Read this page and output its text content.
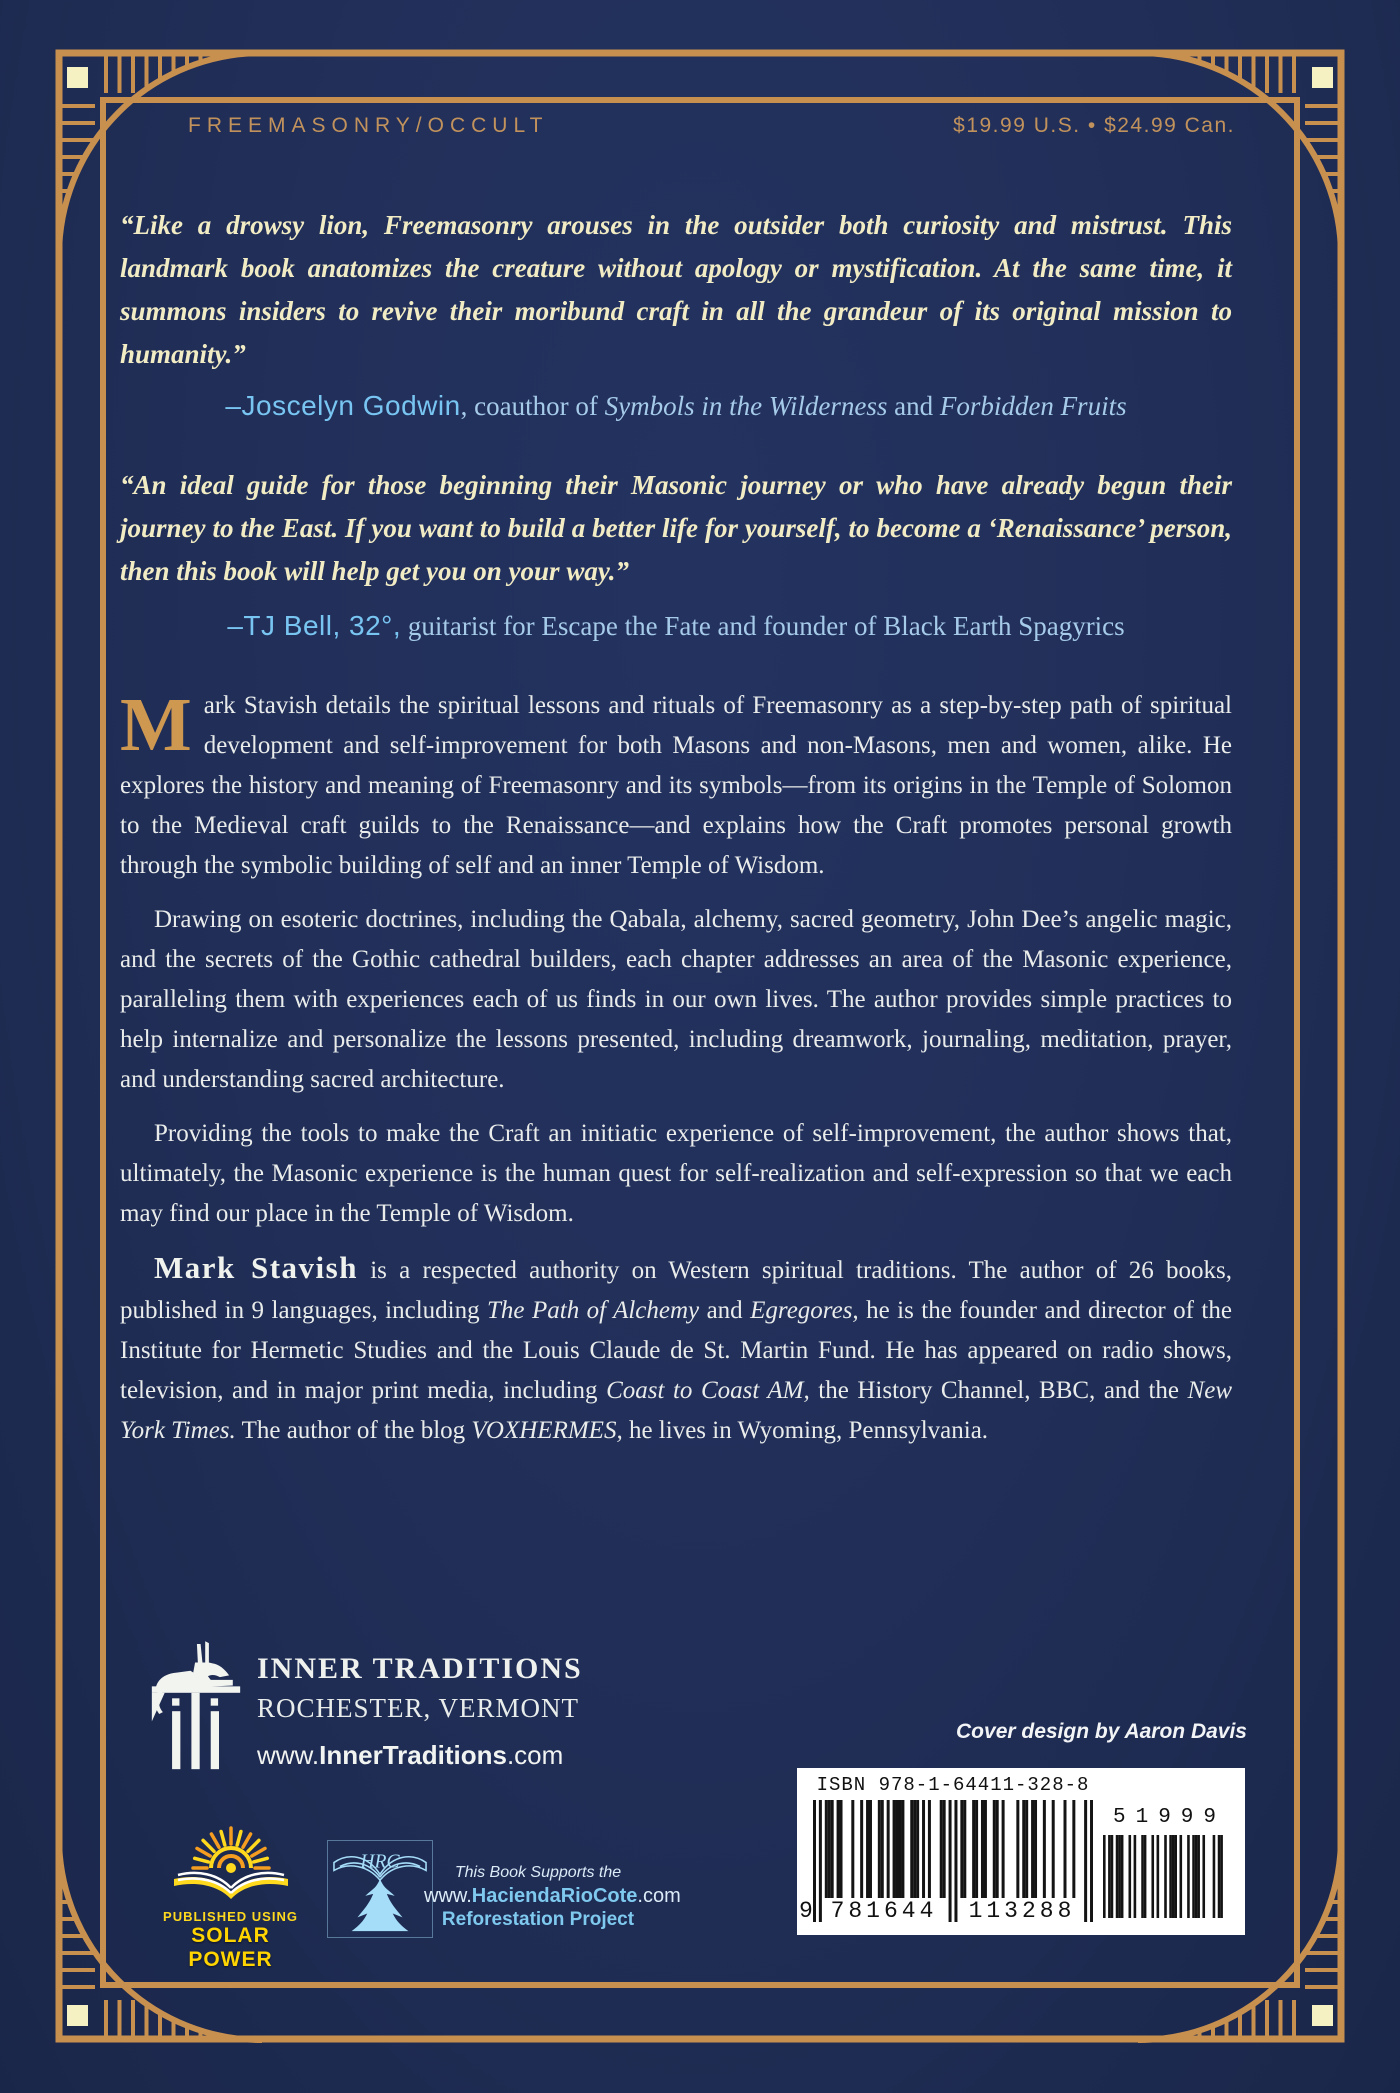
FREEMASONRY/OCCULT	$19.99 U.S. • $24.99 Can.
“Like a drowsy lion, Freemasonry arouses in the outsider both curiosity and mistrust. This landmark book anatomizes the creature without apology or mystification. At the same time, it summons insiders to revive their moribund craft in all the grandeur of its original mission to humanity.”
–Joscelyn Godwin, coauthor of Symbols in the Wilderness and Forbidden Fruits
“An ideal guide for those beginning their Masonic journey or who have already begun their journey to the East. If you want to build a better life for yourself, to become a ‘Renaissance’ person, then this book will help get you on your way.”
–TJ Bell, 32°, guitarist for Escape the Fate and founder of Black Earth Spagyrics

Mark Stavish details the spiritual lessons and rituals of Freemasonry as a step-by-step path of spiritual development and self-improvement for both Masons and non-Masons, men and women, alike. He explores the history and meaning of Freemasonry and its symbols—from its origins in the Temple of Solomon to the Medieval craft guilds to the Renaissance—and explains how the Craft promotes personal growth through the symbolic building of self and an inner Temple of Wisdom.

Drawing on esoteric doctrines, including the Qabala, alchemy, sacred geometry, John Dee’s angelic magic, and the secrets of the Gothic cathedral builders, each chapter addresses an area of the Masonic experience, paralleling them with experiences each of us finds in our own lives. The author provides simple practices to help internalize and personalize the lessons presented, including dreamwork, journaling, meditation, prayer, and understanding sacred architecture.

Providing the tools to make the Craft an initiatic experience of self-improvement, the author shows that, ultimately, the Masonic experience is the human quest for self-realization and self-expression so that we each may find our place in the Temple of Wisdom.

Mark Stavish is a respected authority on Western spiritual traditions. The author of 26 books, published in 9 languages, including The Path of Alchemy and Egregores, he is the founder and director of the Institute for Hermetic Studies and the Louis Claude de St. Martin Fund. He has appeared on radio shows, television, and in major print media, including Coast to Coast AM, the History Channel, BBC, and the New York Times. The author of the blog VOXHERMES, he lives in Wyoming, Pennsylvania.

INNER TRADITIONS
ROCHESTER, VERMONT
www.InnerTraditions.com
Cover design by Aaron Davis
ISBN 978-1-64411-328-8
9 781644	113288
51999
PUBLISHED USING
SOLAR POWER
HRC
This Book Supports the
www.HaciendaRioCote.com
Reforestation Project
